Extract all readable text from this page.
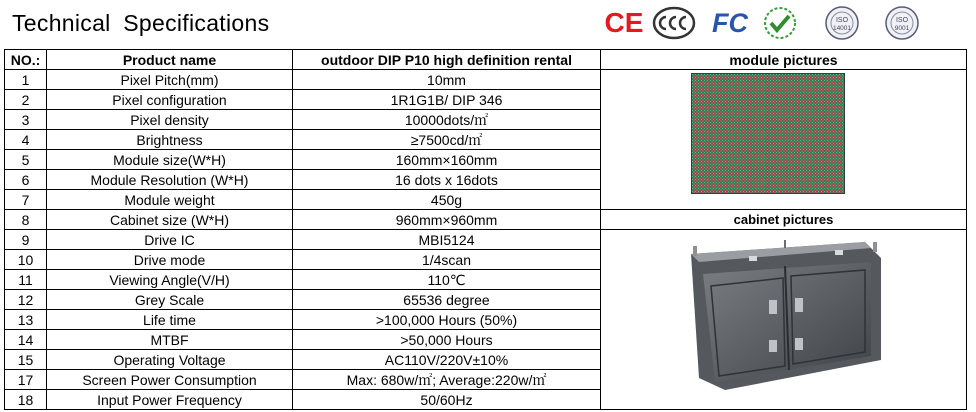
Technical Specifications	CE	FC	ISO
14001
ISO
9001
NO.:	Product name	outdoor DIP P10 high definition rental	module pictures
1	Pixel Pitch(mm)	10mm	

2	Pixel configuration	1R1G1B/ DIP 346	
3	Pixel density	10000dots/㎡	
4	Brightness	≥7500cd/㎡	
5	Module size(W*H)	160mm×160mm	
6	Module Resolution (W*H)	16 dots x 16dots	
7	Module weight	450g	
8	Cabinet size (W*H)	960mm×960mm	cabinet pictures
9	Drive IC	MBI5124	

10	Drive mode	1/4scan	
11	Viewing Angle(V/H)	110℃	
12	Grey Scale	65536 degree	
13	Life time	>100,000 Hours (50%)	
14	MTBF	>50,000 Hours	
15	Operating Voltage	AC110V/220V±10%	
17	Screen Power Consumption	Max: 680w/㎡; Average:220w/㎡	
18	Input Power Frequency	50/60Hz	
